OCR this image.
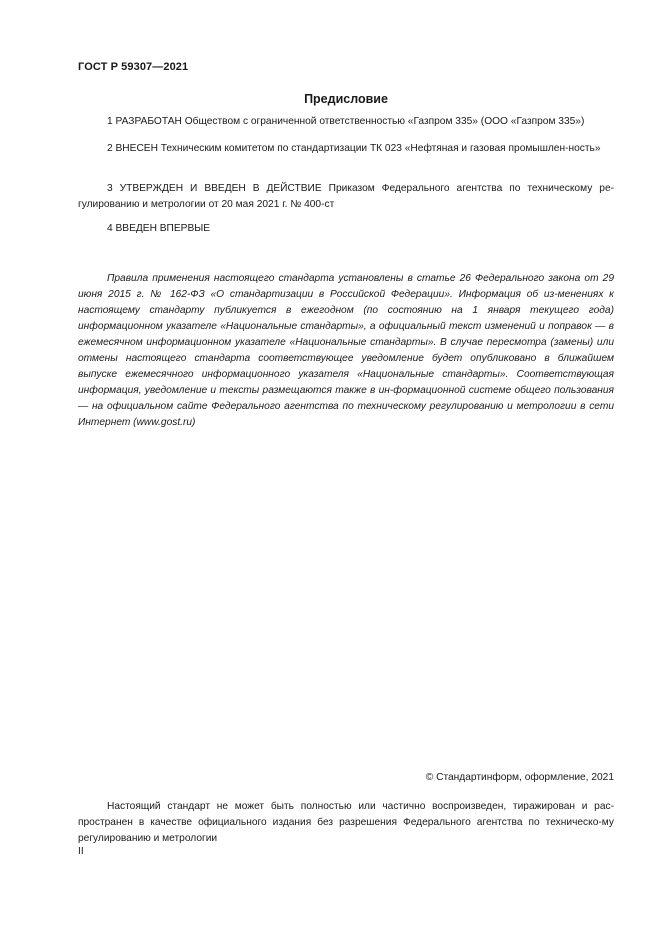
ГОСТ Р 59307—2021
Предисловие

1 РАЗРАБОТАН Обществом с ограниченной ответственностью «Газпром 335» (ООО «Газпром 335»)

2 ВНЕСЕН Техническим комитетом по стандартизации ТК 023 «Нефтяная и газовая промышлен-ность»

3 УТВЕРЖДЕН И ВВЕДЕН В ДЕЙСТВИЕ Приказом Федерального агентства по техническому ре-гулированию и метрологии от 20 мая 2021 г. № 400-ст

4 ВВЕДЕН ВПЕРВЫЕ

Правила применения настоящего стандарта установлены в статье 26 Федерального закона от 29 июня 2015 г. № 162-ФЗ «О стандартизации в Российской Федерации». Информация об из-менениях к настоящему стандарту публикуется в ежегодном (по состоянию на 1 января текущего года) информационном указателе «Национальные стандарты», а официальный текст изменений и поправок — в ежемесячном информационном указателе «Национальные стандарты». В случае пересмотра (замены) или отмены настоящего стандарта соответствующее уведомление будет опубликовано в ближайшем выпуске ежемесячного информационного указателя «Национальные стандарты». Соответствующая информация, уведомление и тексты размещаются также в ин-формационной системе общего пользования — на официальном сайте Федерального агентства по техническому регулированию и метрологии в сети Интернет (www.gost.ru)

© Стандартинформ, оформление, 2021

Настоящий стандарт не может быть полностью или частично воспроизведен, тиражирован и рас-пространен в качестве официального издания без разрешения Федерального агентства по техническо-му регулированию и метрологии

II
